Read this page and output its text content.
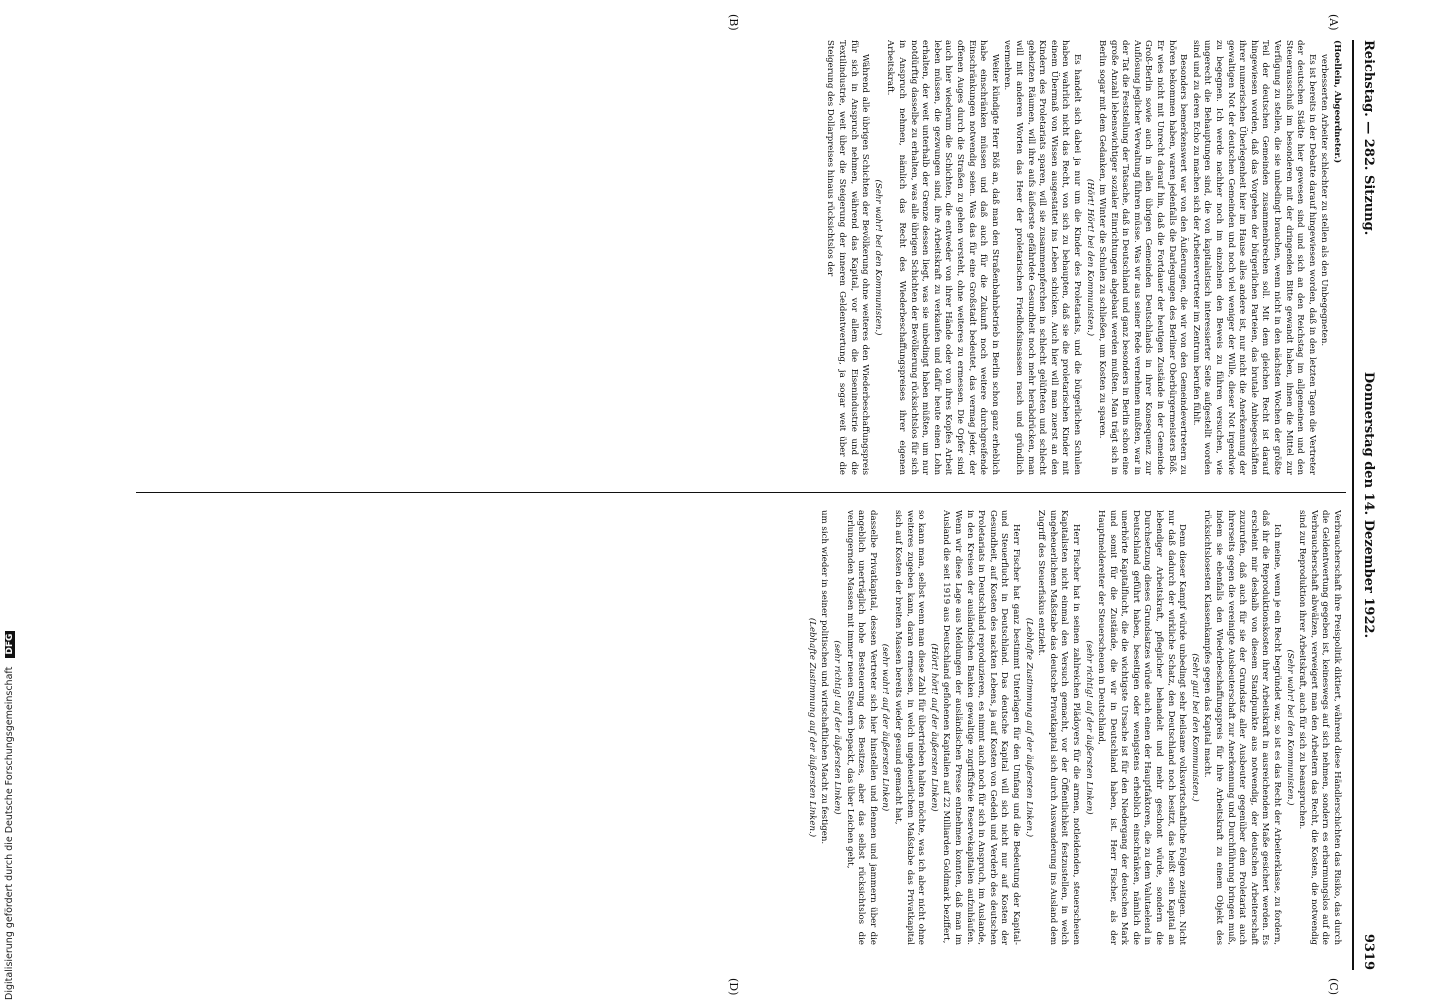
Reichstag. — 282. Sitzung.
Donnerstag den 14. Dezember 1922.
9319
(A)
(B)
(C)
(D)

(Hoellein, Abgeordneter.)

verbesserten Arbeiter schlechter zu stellen als den Unbegegneten.

Es ist bereits in der Debatte darauf hingewiesen worden, daß in den letzten Tagen die Vertreter der deutschen Städte hier gewesen sind und sich an den Reichstag im allgemeinen und den Steuerausschuß im besonderen mit der dringenden Bitte gewandt haben, ihnen die Mittel zur Verfügung zu stellen, die sie unbedingt brauchen, wenn nicht in den nächsten Wochen der größte Teil der deutschen Gemeinden zusammenbrechen soll. Mit dem gleichen Recht ist darauf hingewiesen worden, daß das Vorgehen der bürgerlichen Parteien, das brutale Anbiegeschäften ihrer numerischen Überlegenheit hier im Hause alles andere ist, nur nicht die Anerkennung der gewaltigen Not der deutschen Gemeinden und noch viel weniger der Wille, dieser Not irgendwie zu begegnen. Ich werde nachher noch im einzelnen den Beweis zu führen versuchen, wie ungerecht die Behauptungen sind, die von kapitalistisch interessierter Seite aufgestellt worden sind und zu deren Echo zu machen sich der Arbeitervertreter im Zentrum berufen fühlt.

Besonders bemerkenswert war von den Äußerungen, die wir von den Gemeindevertretern zu hören bekommen haben, waren jedenfalls die Darlegungen des Berliner Oberbürgermeisters Böß. Er wies nicht mit Unrecht darauf hin, daß die Fortdauer der heutigen Zustände in der Gemeinde Groß-Berlin sowie auch in allen übrigen Gemeinden Deutschlands in ihrer Konsequenz zur Auflösung jeglicher Verwaltung führen müsse. Was wir aus seiner Rede vernehmen mußten, war in der Tat die Feststellung der Tatsache, daß in Deutschland und ganz besonders in Berlin schon eine große Anzahl lebenswichtiger sozialer Einrichtungen abgebaut werden mußten. Man trägt sich in Berlin sogar mit dem Gedanken, im Winter die Schulen zu schließen, um Kosten zu sparen.

(Hört! Hört! bei den Kommunisten.)

Es handelt sich dabei ja nur um die Kinder des Proletariats, und die bürgerlichen Schulen haben wahrlich nicht das Recht, von sich zu behaupten, daß sie die proletarischen Kinder mit einem Übermaß von Wissen ausgestattet ins Leben schicken. Auch hier will man zuerst an den Kindern des Proletariats sparen, will sie zusammenpferchen in schlecht gelüfteten und schlecht geheizten Räumen, will ihre aufs äußerste gefährdete Gesundheit noch mehr herabdrücken, man will mit anderen Worten das Heer der proletarischen Friedhofsinsassen rasch und gründlich vermehren.

Weiter kündigte Herr Böß an, daß man den Straßenbahnbetrieb in Berlin schon ganz erheblich habe einschränken müssen und daß auch für die Zukunft noch weitere durchgreifende Einschränkungen notwendig seien. Was das für eine Großstadt bedeutet, das vermag jeder, der offenen Auges durch die Straßen zu gehen versteht, ohne weiteres zu ermessen. Die Opfer sind auch hier wiederum die Schichten, die entweder von ihrer Hände oder von ihres Kopfes Arbeit leben müssen, die gezwungen sind, ihre Arbeitskraft zu verkaufen und dafür heute einen Lohn erhalten, der weit unterhalb der Grenze dessen liegt, was sie unbedingt haben müßten, um nur notdürftig dasselbe zu erhalten, was alle übrigen Schichten der Bevölkerung rücksichtslos für sich in Anspruch nehmen, nämlich das Recht des Wiederbeschaffungspreises ihrer eigenen Arbeitskraft.

(Sehr wahr! bei den Kommunisten.)

Während alle übrigen Schichten der Bevölkerung ohne weiteres den Wiederbeschaffungspreis für sich in Anspruch nehmen, während das Kapital, vor allem die Eisenindustrie und die Textilindustrie, weit über die Steigerung der inneren Geldentwertung, ja sogar weit über die Steigerung des Dollarpreises hinaus rücksichtslos der

Verbraucherschaft ihre Preispolitik diktiert, während diese Händlerschichten das Risiko, das durch die Geldentwertung gegeben ist, keineswegs auf sich nehmen, sondern es erbarmungslos auf die Verbraucherschaft abwälzen, verweigert man den Arbeitern das Recht, die Kosten, die notwendig sind zur Reproduktion ihrer Arbeitskraft, auch für sich zu beanspruchen.

(Sehr wahr! bei den Kommunisten.)

Ich meine, wenn je ein Recht begründet war, so ist es das Recht der Arbeiterklasse, zu fordern, daß ihr die Reproduktionskosten ihrer Arbeitskraft in ausreichendem Maße gesichert werden. Es erscheint mir deshalb von diesem Standpunkte aus notwendig, der deutschen Arbeiterschaft zuzurufen, daß auch für sie der Grundsatz aller Ausbeuter gegenüber dem Proletariat auch ihrerseits gegen die vereinigte Ausbeuterschaft zur Anerkennung und Durchführung bringen muß, indem sie ebenfalls den Wiederbeschaffungspreis für ihre Arbeitskraft zu einem Objekt des rücksichtslosesten Klassenkampfes gegen das Kapital macht.

(Sehr gut! bei den Kommunisten.)

Denn dieser Kampf würde unbedingt sehr heilsame volkswirtschaftliche Folgen zeitigen. Nicht nur daß dadurch der wirkliche Schatz, den Deutschland noch besitzt, das heißt sein Kapital an lebendiger Arbeitskraft, pfleglicher behandelt und mehr geschont würde, sondern die Durchsetzung dieses Grundsatzes würde auch einen der Hauptfaktoren, die zu dem Valutaelend in Deutschland geführt haben, beseitigen oder wenigstens erheblich einschränken, nämlich die unerhörte Kapitalflucht, die die wichtigste Ursache ist für den Niedergang der deutschen Mark und somit für die Zustände, die wir in Deutschland haben, ist. Herr Fischer, als der Hauptmeldereiter der Steuerscheuen in Deutschland,

(sehr richtig! auf der äußersten Linken)

Herr Fischer hat in seinen zahlreichen Plädoyers für die armen, notleidenden, steuerscheuen Kapitalisten nicht einmal den Versuch gemacht, vor der Öffentlichkeit festzustellen, in welch ungeheuerlichem Maßstabe das deutsche Privatkapital sich durch Auswanderung ins Ausland dem Zugriff des Steuerfiskus entzieht.

(Lebhafte Zustimmung auf der äußersten Linken.)

Herr Fischer hat ganz bestimmt Unterlagen für den Umfang und die Bedeutung der Kapital- und Steuerflucht in Deutschland. Das deutsche Kapital will sich nicht nur auf Kosten der Gesundheit, auf Kosten des nackten Lebens, ja auf Kosten von Gedeih und Verderb des deutschen Proletariats in Deutschland reproduzieren, es nimmt auch noch für sich in Anspruch, im Auslande, in den Kreisen der ausländischen Banken gewaltige zugriffsfreie Reservekapitalien aufzuhäufen. Wenn wir diese Lage aus Meldungen der ausländischen Presse entnehmen konnten, daß man im Ausland die seit 1919 aus Deutschland geflohenen Kapitalien auf 22 Milliarden Goldmark beziffert,

(Hört! hört! auf der äußersten Linken)

so kann man, selbst wenn man diese Zahl für übertrieben halten möchte, was ich aber nicht ohne weiteres zugeben kann, daran ermessen, in welch ungeheuerlichem Maßstabe das Privatkapital sich auf Kosten der breiten Massen bereits wieder gesund gemacht hat,

(sehr wahr! auf der äußersten Linken)

dasselbe Privatkapital, dessen Vertreter sich hier hinstellen und flennen und jammern über die angeblich unerträglich hohe Besteuerung des Besitzes, aber das selbst rücksichtslos die verlungernden Massen mit immer neuen Steuern bepackt, das über Leichen geht,

(sehr richtig! auf der äußersten Linken)

um sich wieder in seiner politischen und wirtschaftlichen Macht zu festigen.

(Lebhafte Zustimmung auf der äußersten Linken.)

Digitalisierung gefördert durch die Deutsche Forschungsgemeinschaft DFG
